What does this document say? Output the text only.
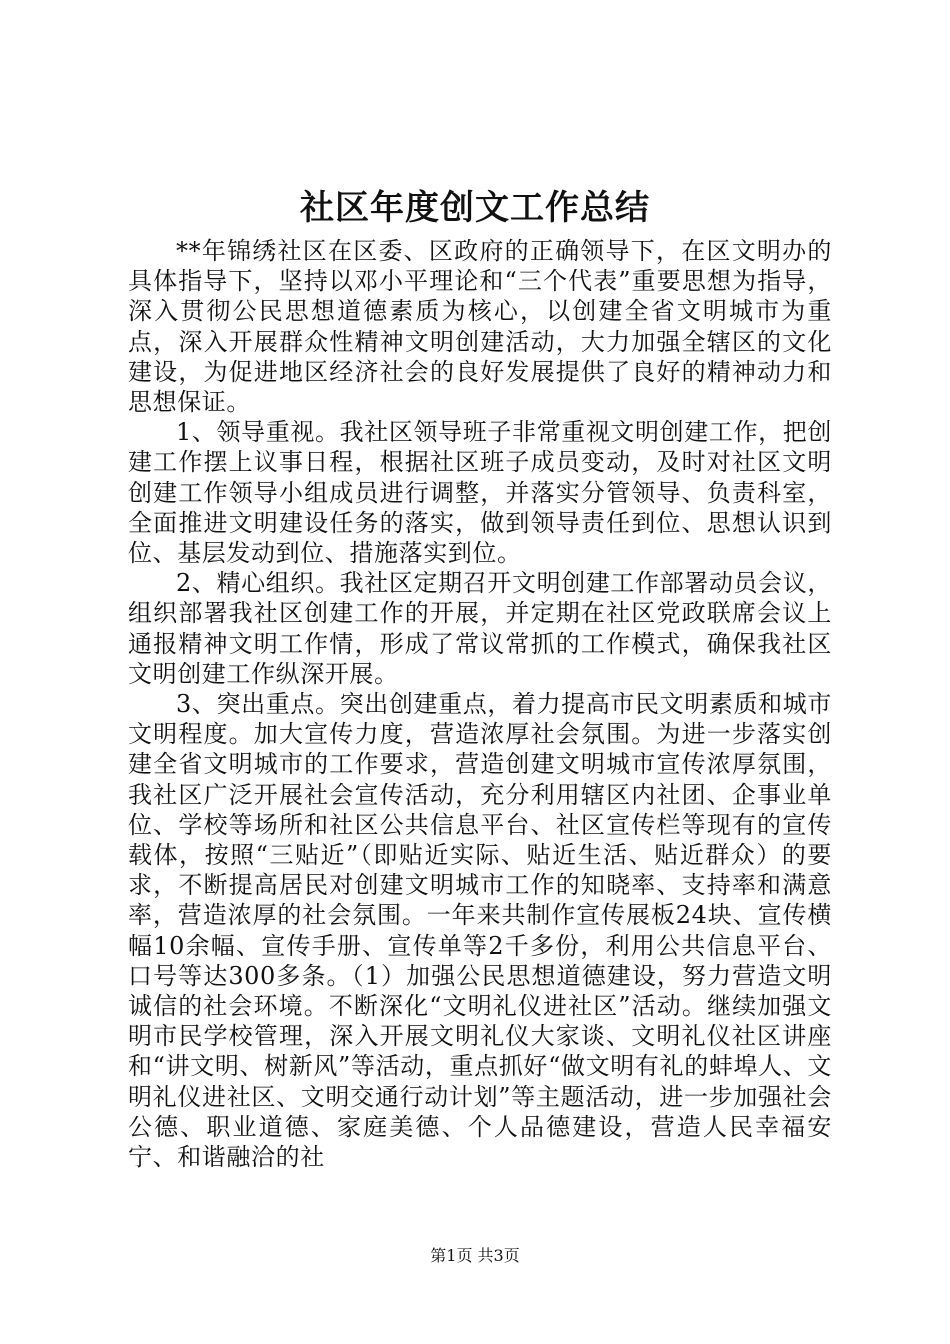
社区年度创文工作总结

**年锦绣社区在区委、区政府的正确领导下，在区文明办的具体指导下，坚持以邓小平理论和“三个代表”重要思想为指导，深入贯彻公民思想道德素质为核心，以创建全省文明城市为重点，深入开展群众性精神文明创建活动，大力加强全辖区的文化建设，为促进地区经济社会的良好发展提供了良好的精神动力和思想保证。

1、领导重视。我社区领导班子非常重视文明创建工作，把创建工作摆上议事日程，根据社区班子成员变动，及时对社区文明创建工作领导小组成员进行调整，并落实分管领导、负责科室，全面推进文明建设任务的落实，做到领导责任到位、思想认识到位、基层发动到位、措施落实到位。

2、精心组织。我社区定期召开文明创建工作部署动员会议，组织部署我社区创建工作的开展，并定期在社区党政联席会议上通报精神文明工作情，形成了常议常抓的工作模式，确保我社区文明创建工作纵深开展。

3、突出重点。突出创建重点，着力提高市民文明素质和城市文明程度。加大宣传力度，营造浓厚社会氛围。为进一步落实创建全省文明城市的工作要求，营造创建文明城市宣传浓厚氛围，我社区广泛开展社会宣传活动，充分利用辖区内社团、企事业单位、学校等场所和社区公共信息平台、社区宣传栏等现有的宣传载体，按照“三贴近”（即贴近实际、贴近生活、贴近群众）的要求，不断提高居民对创建文明城市工作的知晓率、支持率和满意率，营造浓厚的社会氛围。一年来共制作宣传展板24块、宣传横幅10余幅、宣传手册、宣传单等2千多份，利用公共信息平台、口号等达300多条。（1）加强公民思想道德建设，努力营造文明诚信的社会环境。不断深化“文明礼仪进社区”活动。继续加强文明市民学校管理，深入开展文明礼仪大家谈、文明礼仪社区讲座和“讲文明、树新风”等活动，重点抓好“做文明有礼的蚌埠人、文明礼仪进社区、文明交通行动计划”等主题活动，进一步加强社会公德、职业道德、家庭美德、个人品德建设，营造人民幸福安宁、和谐融洽的社

第1页 共3页
